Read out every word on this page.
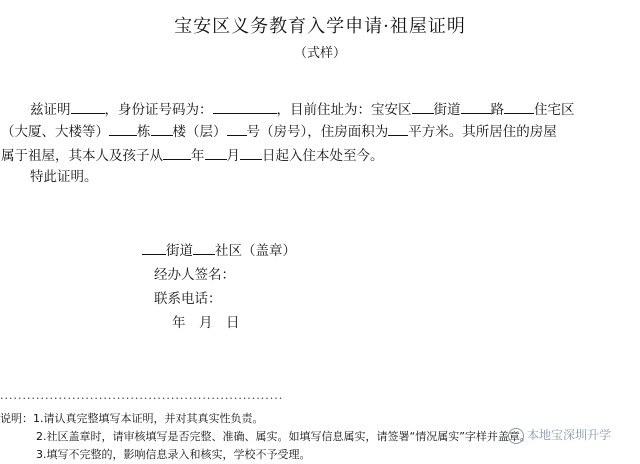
宝安区义务教育入学申请·祖屋证明
（式样）
兹证明	，身份证号码为：	，目前住址为：宝安区 街道 路 住宅区
（大厦、大楼等） 栋 楼（层） 号（房号），住房面积为 平方米。其所居住的房屋
属于祖屋，其本人及孩子从 年 月 日起入住本处至今。
特此证明。
街道 社区（盖章）
经办人签名：
联系电话：
年　月　日
·······························································
说明：1.请认真完整填写本证明，并对其真实性负责。
2.社区盖章时，请审核填写是否完整、准确、属实。如填写信息属实，请签署“情况属实”字样并盖章。
3.填写不完整的，影响信息录入和核实，学校不予受理。
本地宝深圳升学
